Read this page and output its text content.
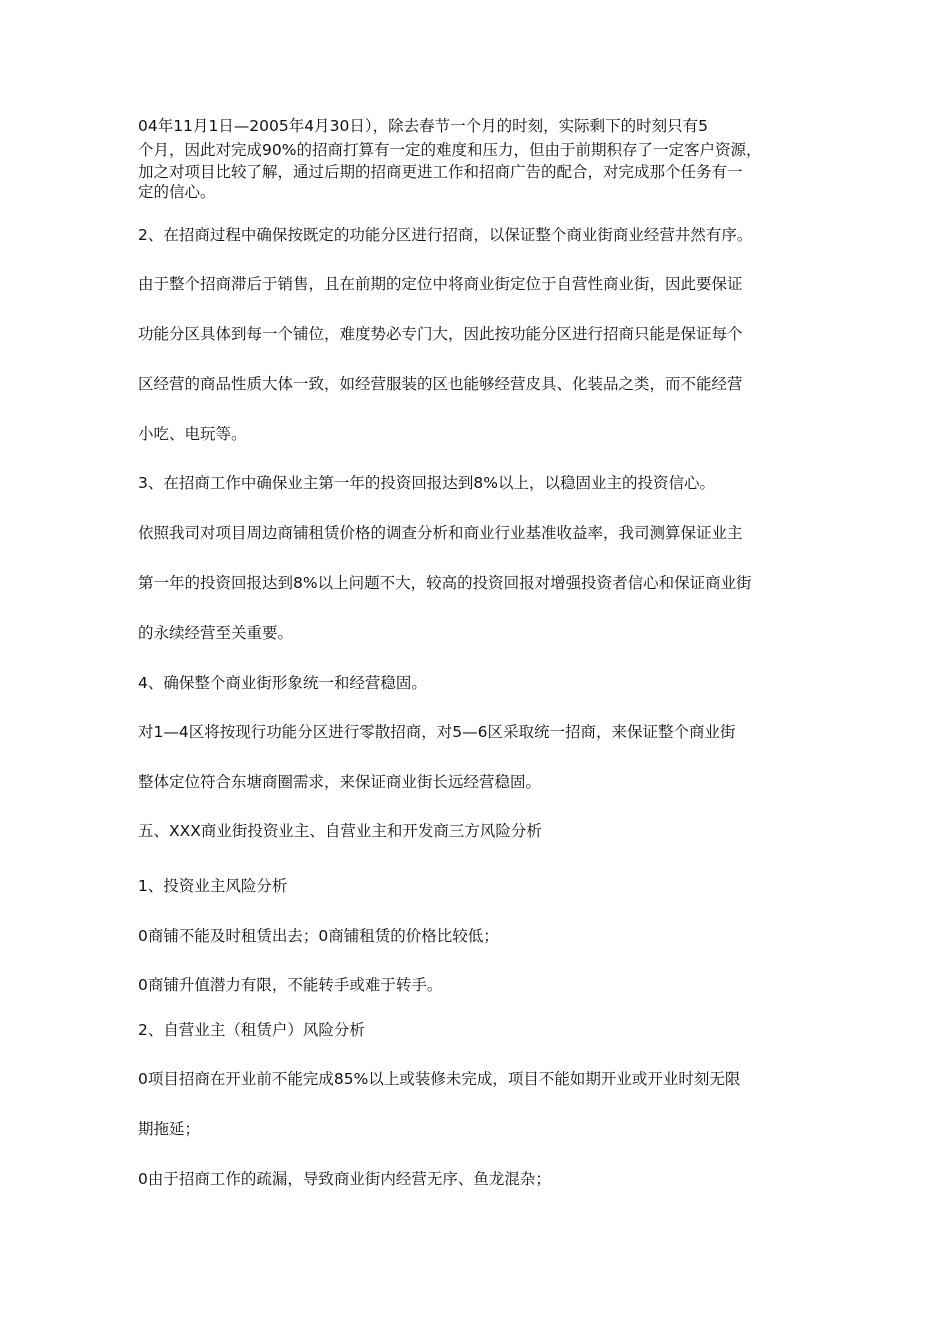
04年11月1日—2005年4月30日），除去春节一个月的时刻，实际剩下的时刻只有5
个月，因此对完成90%的招商打算有一定的难度和压力，但由于前期积存了一定客户资源，
加之对项目比较了解，通过后期的招商更进工作和招商广告的配合，对完成那个任务有一
定的信心。
2、在招商过程中确保按既定的功能分区进行招商，以保证整个商业街商业经营井然有序。
由于整个招商滞后于销售，且在前期的定位中将商业街定位于自营性商业街，因此要保证
功能分区具体到每一个铺位，难度势必专门大，因此按功能分区进行招商只能是保证每个
区经营的商品性质大体一致，如经营服装的区也能够经营皮具、化装品之类，而不能经营
小吃、电玩等。
3、在招商工作中确保业主第一年的投资回报达到8%以上，以稳固业主的投资信心。
依照我司对项目周边商铺租赁价格的调查分析和商业行业基准收益率，我司测算保证业主
第一年的投资回报达到8%以上问题不大，较高的投资回报对增强投资者信心和保证商业街
的永续经营至关重要。
4、确保整个商业街形象统一和经营稳固。
对1—4区将按现行功能分区进行零散招商，对5—6区采取统一招商，来保证整个商业街
整体定位符合东塘商圈需求，来保证商业街长远经营稳固。
五、XXX商业街投资业主、自营业主和开发商三方风险分析
1、投资业主风险分析
0商铺不能及时租赁出去；0商铺租赁的价格比较低；
0商铺升值潜力有限，不能转手或难于转手。
2、自营业主（租赁户）风险分析
0项目招商在开业前不能完成85%以上或装修未完成，项目不能如期开业或开业时刻无限
期拖延；
0由于招商工作的疏漏，导致商业街内经营无序、鱼龙混杂；
